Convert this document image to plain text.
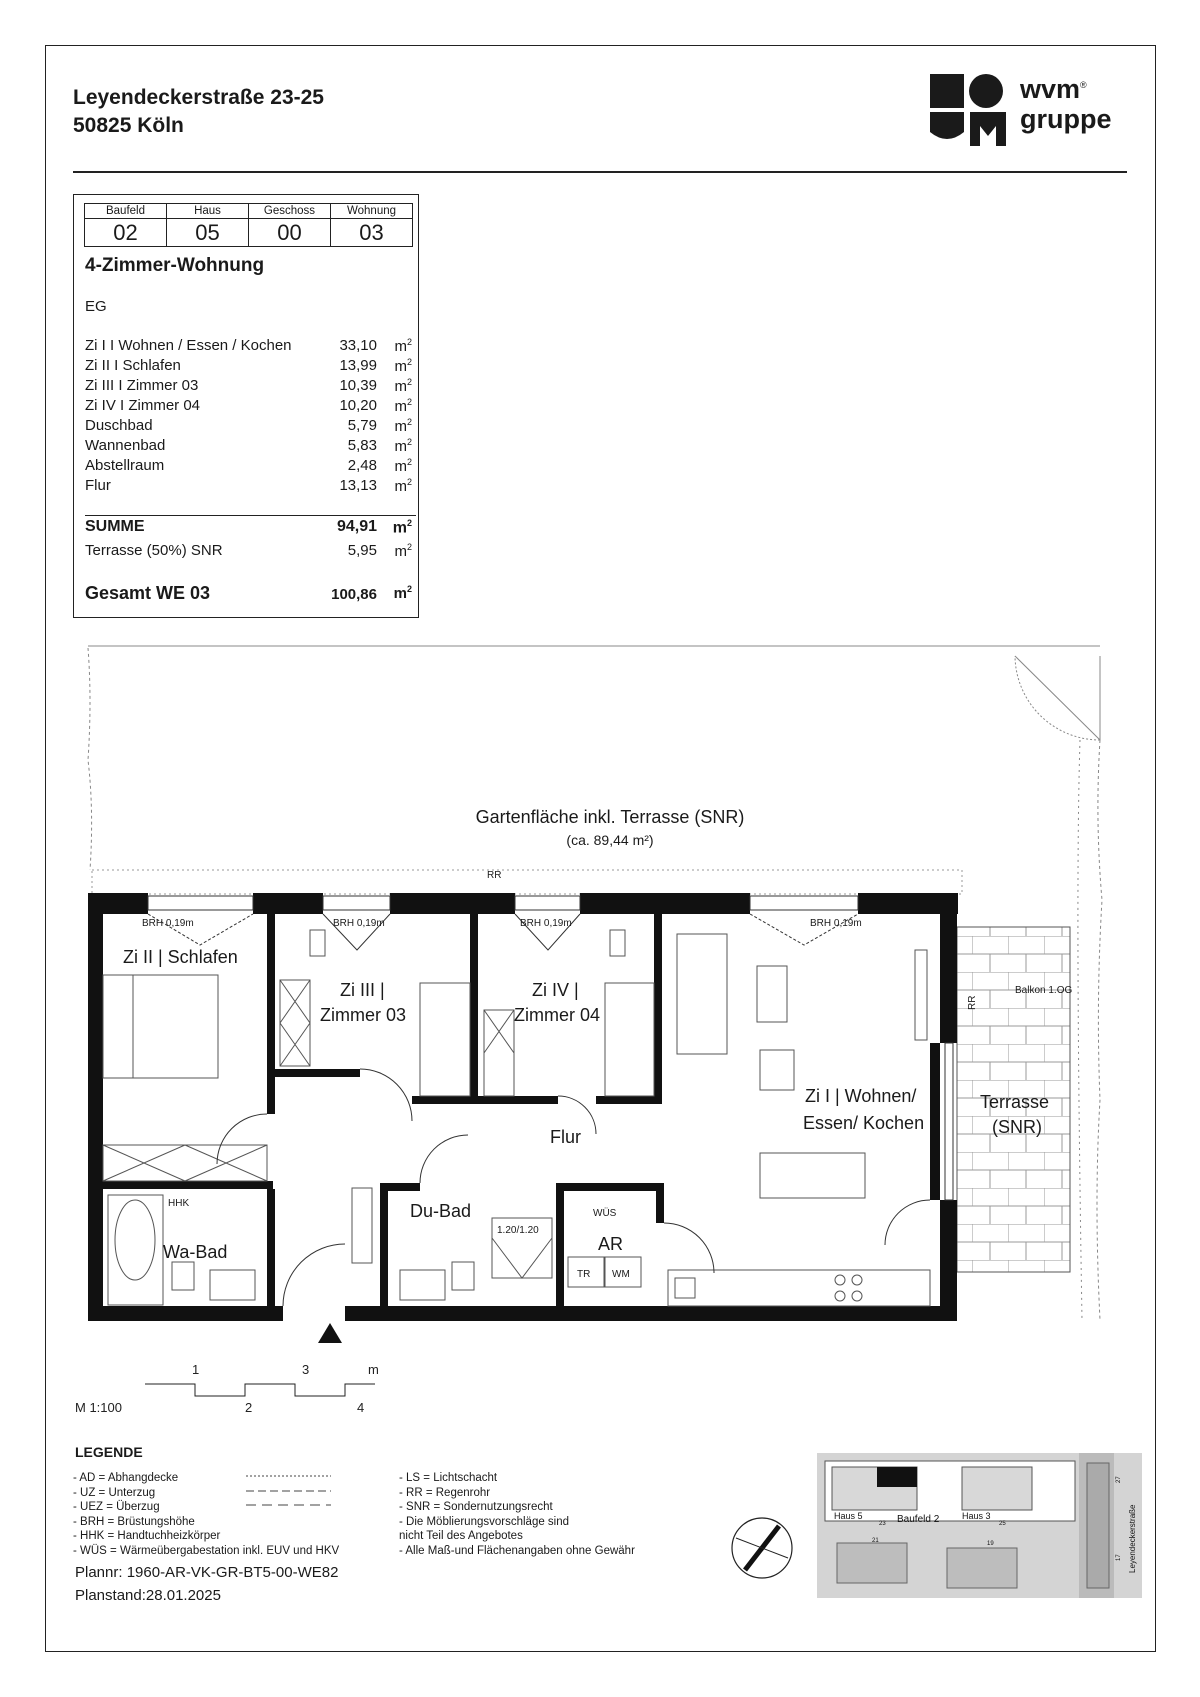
Leyendeckerstraße 23-25
50825 Köln
wvm®
gruppe
Baufeld	Haus	Geschoss	Wohnung
02	05	00	03
4-Zimmer-Wohnung
EG
Zi I I Wohnen / Essen / Kochen	33,10 $m^2$
Zi II I Schlafen	13,99 $m^2$
Zi III I Zimmer 03	10,39 $m^2$
Zi IV I Zimmer 04	10,20 $m^2$
Duschbad	5,79 $m^2$
Wannenbad	5,83 $m^2$
Abstellraum	2,48 $m^2$
Flur	13,13 $m^2$
SUMME	94,91 $m^2$
Terrasse (50%) SNR	5,95 $m^2$
Gesamt WE 03	100,86 $m^2$
Gartenfläche inkl. Terrasse (SNR)
(ca. 89,44 m²)
RR
Balkon 1.OG
RR
BRH 0,19m	BRH 0,19m	BRH 0,19m	BRH 0,19m
Zi II | Schlafen
Zi III |
Zimmer 03
Zi IV |
Zimmer 04
Zi I | Wohnen/
Essen/ Kochen
Terrasse
(SNR)
Flur
Du-Bad
Wa-Bad	AR
WÜS
HHK
1.20/1.20
TR WM
1	3	m
2	4
M 1:100
LEGENDE
- AD = Abhangdecke
- UZ = Unterzug
- UEZ = Überzug
- BRH = Brüstungshöhe
- HHK = Handtuchheizkörper
- WÜS = Wärmeübergabestation inkl. EUV und HKV
- LS = Lichtschacht
- RR = Regenrohr
- SNR = Sondernutzungsrecht
- Die Möblierungsvorschläge sind
nicht Teil des Angebotes
- Alle Maß-und Flächenangaben ohne Gewähr
Plannr: 1960-AR-VK-GR-BT5-00-WE82
Planstand:28.01.2025
Haus 5	Baufeld 2	Haus 3
23	25
21	19
27
17 Leyendeckerstraße
